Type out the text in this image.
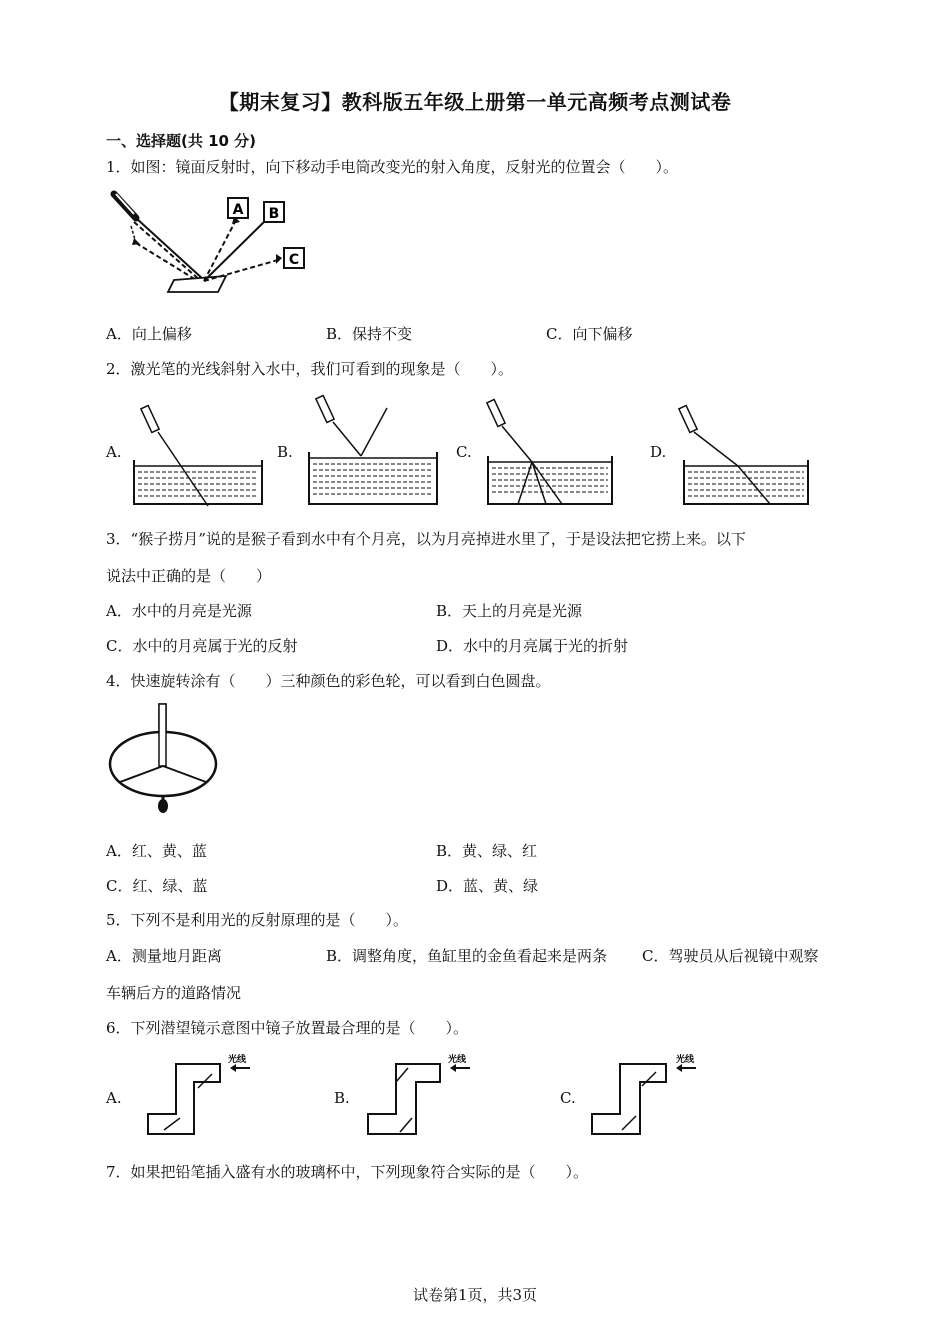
【期末复习】教科版五年级上册第一单元高频考点测试卷
一、选择题(共 10 分)
1．如图：镜面反射时，向下移动手电筒改变光的射入角度，反射光的位置会（　　）。
A B
C
A．向上偏移	B．保持不变	C．向下偏移
2．激光笔的光线斜射入水中，我们可看到的现象是（　　）。
A.	B.	C.	D.
3．“猴子捞月”说的是猴子看到水中有个月亮，以为月亮掉进水里了，于是设法把它捞上来。以下
说法中正确的是（　　）
A．水中的月亮是光源	B．天上的月亮是光源
C．水中的月亮属于光的反射	D．水中的月亮属于光的折射
4．快速旋转涂有（　　）三种颜色的彩色轮，可以看到白色圆盘。
A．红、黄、蓝	B．黄、绿、红
C．红、绿、蓝	D．蓝、黄、绿
5．下列不是利用光的反射原理的是（　　）。
A．测量地月距离	B．调整角度，鱼缸里的金鱼看起来是两条 C．驾驶员从后视镜中观察
车辆后方的道路情况
6．下列潜望镜示意图中镜子放置最合理的是（　　）。
A.	B.	C.
光线	光线	光线
7．如果把铅笔插入盛有水的玻璃杯中，下列现象符合实际的是（　　）。
试卷第1页，共3页
